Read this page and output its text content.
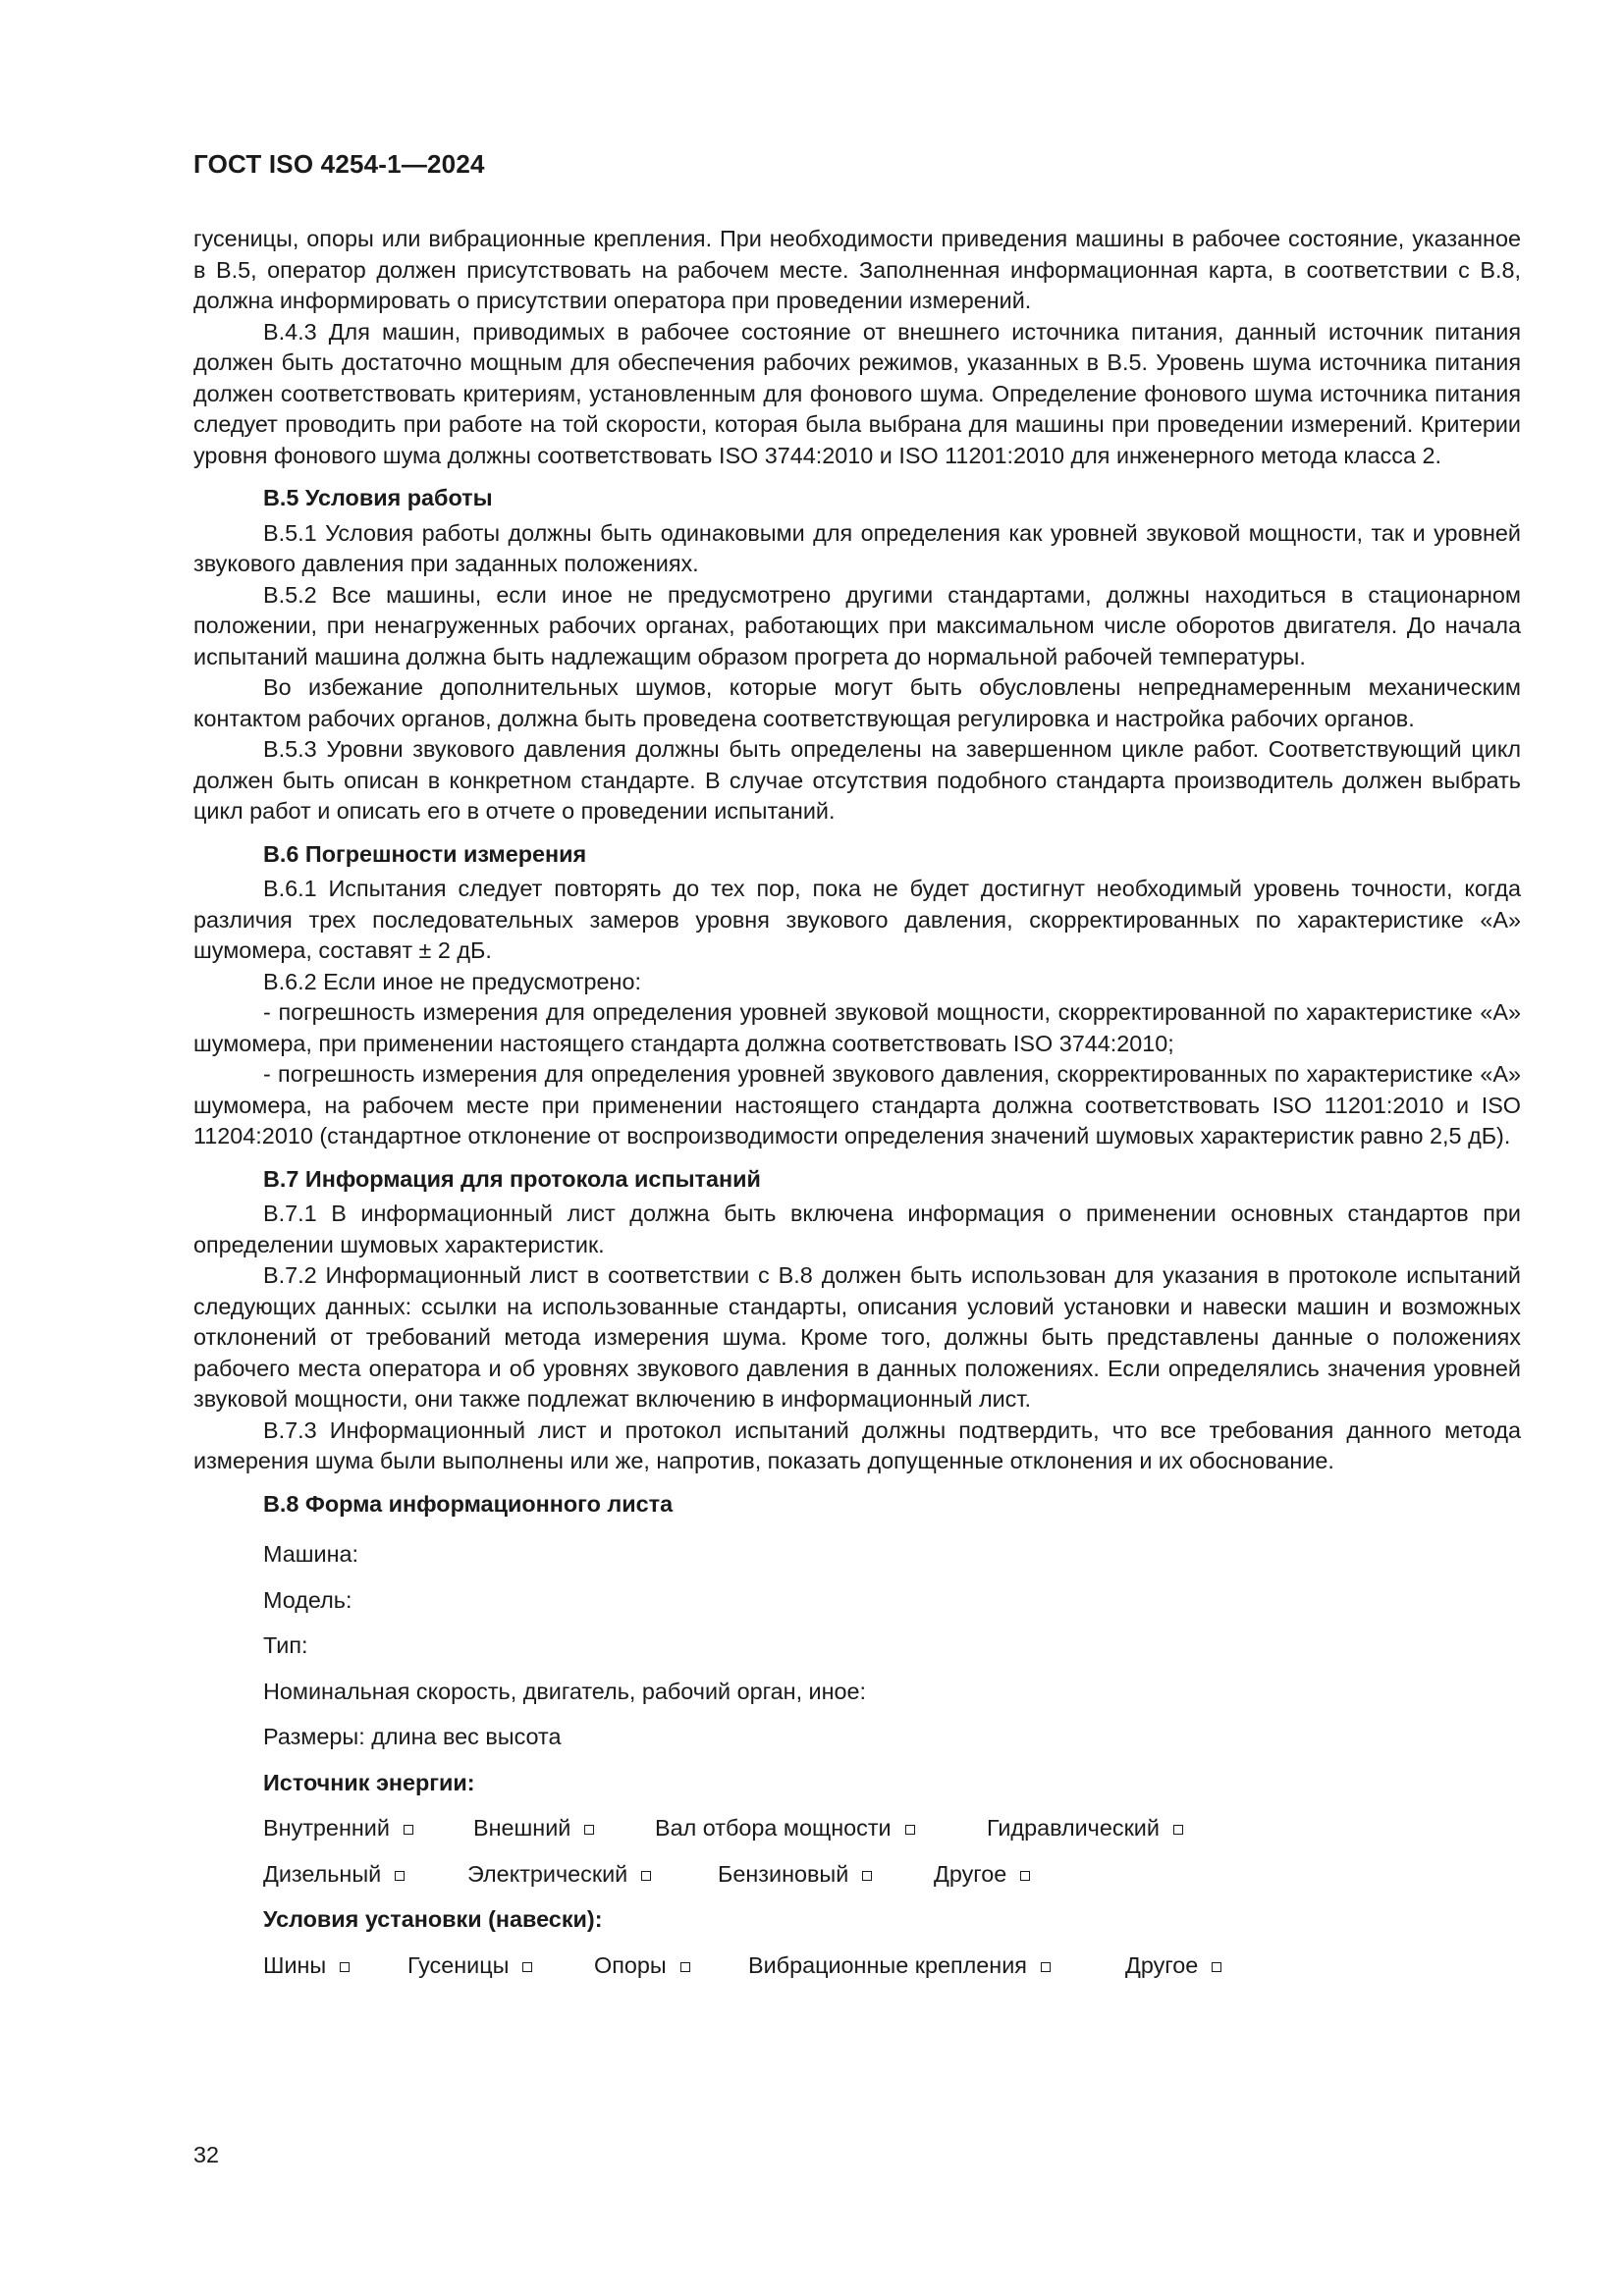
ГОСТ ISO 4254-1—2024

гусеницы, опоры или вибрационные крепления. При необходимости приведения машины в рабочее состояние, указанное в B.5, оператор должен присутствовать на рабочем месте. Заполненная информационная карта, в соответствии с B.8, должна информировать о присутствии оператора при проведении измерений.

B.4.3 Для машин, приводимых в рабочее состояние от внешнего источника питания, данный источник питания должен быть достаточно мощным для обеспечения рабочих режимов, указанных в B.5. Уровень шума источника питания должен соответствовать критериям, установленным для фонового шума. Определение фонового шума источника питания следует проводить при работе на той скорости, которая была выбрана для машины при проведении измерений. Критерии уровня фонового шума должны соответствовать ISO 3744:2010 и ISO 11201:2010 для инженерного метода класса 2.

B.5 Условия работы

B.5.1 Условия работы должны быть одинаковыми для определения как уровней звуковой мощности, так и уровней звукового давления при заданных положениях.

B.5.2 Все машины, если иное не предусмотрено другими стандартами, должны находиться в стационарном положении, при ненагруженных рабочих органах, работающих при максимальном числе оборотов двигателя. До начала испытаний машина должна быть надлежащим образом прогрета до нормальной рабочей температуры.

Во избежание дополнительных шумов, которые могут быть обусловлены непреднамеренным механическим контактом рабочих органов, должна быть проведена соответствующая регулировка и настройка рабочих органов.

B.5.3 Уровни звукового давления должны быть определены на завершенном цикле работ. Соответствующий цикл должен быть описан в конкретном стандарте. В случае отсутствия подобного стандарта производитель должен выбрать цикл работ и описать его в отчете о проведении испытаний.

B.6 Погрешности измерения

B.6.1 Испытания следует повторять до тех пор, пока не будет достигнут необходимый уровень точности, когда различия трех последовательных замеров уровня звукового давления, скорректированных по характеристике «A» шумомера, составят ± 2 дБ.

B.6.2 Если иное не предусмотрено:

- погрешность измерения для определения уровней звуковой мощности, скорректированной по характеристике «A» шумомера, при применении настоящего стандарта должна соответствовать ISO 3744:2010;

- погрешность измерения для определения уровней звукового давления, скорректированных по характеристике «A» шумомера, на рабочем месте при применении настоящего стандарта должна соответствовать ISO 11201:2010 и ISO 11204:2010 (стандартное отклонение от воспроизводимости определения значений шумовых характеристик равно 2,5 дБ).

B.7 Информация для протокола испытаний

B.7.1 В информационный лист должна быть включена информация о применении основных стандартов при определении шумовых характеристик.

B.7.2 Информационный лист в соответствии с B.8 должен быть использован для указания в протоколе испытаний следующих данных: ссылки на использованные стандарты, описания условий установки и навески машин и возможных отклонений от требований метода измерения шума. Кроме того, должны быть представлены данные о положениях рабочего места оператора и об уровнях звукового давления в данных положениях. Если определялись значения уровней звуковой мощности, они также подлежат включению в информационный лист.

B.7.3 Информационный лист и протокол испытаний должны подтвердить, что все требования данного метода измерения шума были выполнены или же, напротив, показать допущенные отклонения и их обоснование.

B.8 Форма информационного листа
Машина:
Модель:
Тип:
Номинальная скорость, двигатель, рабочий орган, иное:
Размеры: длина вес высота
Источник энергии:
Внутренний	Внешний	Вал отбора мощности	Гидравлический
Дизельный	Электрический	Бензиновый	Другое
Условия установки (навески):
Шины	Гусеницы	Опоры	Вибрационные крепления	Другое
32
